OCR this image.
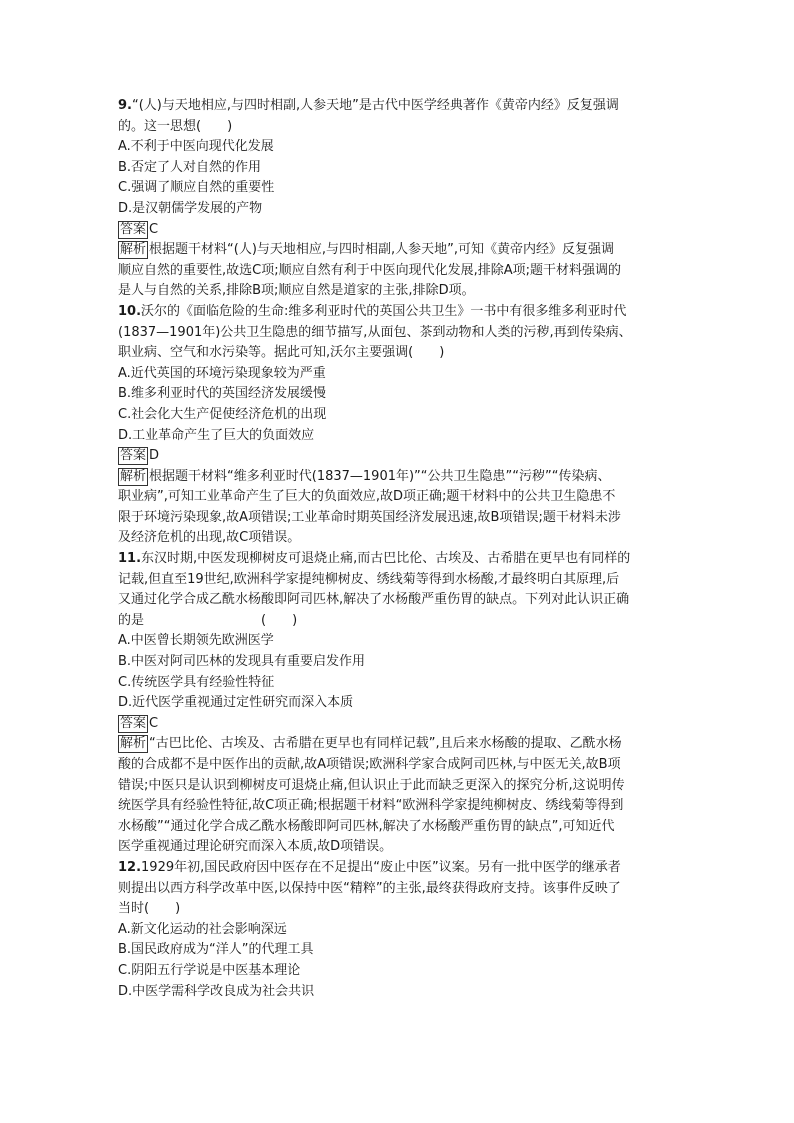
9.“(人)与天地相应,与四时相副,人参天地”是古代中医学经典著作《黄帝内经》反复强调
的。这一思想(　　)
A.不利于中医向现代化发展
B.否定了人对自然的作用
C.强调了顺应自然的重要性
D.是汉朝儒学发展的产物
答案 C
解析 根据题干材料“(人)与天地相应,与四时相副,人参天地”,可知《黄帝内经》反复强调
顺应自然的重要性,故选C项;顺应自然有利于中医向现代化发展,排除A项;题干材料强调的
是人与自然的关系,排除B项;顺应自然是道家的主张,排除D项。
10.沃尔的《面临危险的生命:维多利亚时代的英国公共卫生》一书中有很多维多利亚时代
(1837—1901年)公共卫生隐患的细节描写,从面包、茶到动物和人类的污秽,再到传染病、
职业病、空气和水污染等。据此可知,沃尔主要强调(　　)
A.近代英国的环境污染现象较为严重
B.维多利亚时代的英国经济发展缓慢
C.社会化大生产促使经济危机的出现
D.工业革命产生了巨大的负面效应
答案 D
解析 根据题干材料“维多利亚时代(1837—1901年)”“公共卫生隐患”“污秽”“传染病、
职业病”,可知工业革命产生了巨大的负面效应,故D项正确;题干材料中的公共卫生隐患不
限于环境污染现象,故A项错误;工业革命时期英国经济发展迅速,故B项错误;题干材料未涉
及经济危机的出现,故C项错误。
11.东汉时期,中医发现柳树皮可退烧止痛,而古巴比伦、古埃及、古希腊在更早也有同样的
记载,但直至19世纪,欧洲科学家提纯柳树皮、绣线菊等得到水杨酸,才最终明白其原理,后
又通过化学合成乙酰水杨酸即阿司匹林,解决了水杨酸严重伤胃的缺点。下列对此认识正确
的是　　　　　　　　　(　　)
A.中医曾长期领先欧洲医学
B.中医对阿司匹林的发现具有重要启发作用
C.传统医学具有经验性特征
D.近代医学重视通过定性研究而深入本质
答案 C
解析 “古巴比伦、古埃及、古希腊在更早也有同样记载”,且后来水杨酸的提取、乙酰水杨
酸的合成都不是中医作出的贡献,故A项错误;欧洲科学家合成阿司匹林,与中医无关,故B项
错误;中医只是认识到柳树皮可退烧止痛,但认识止于此而缺乏更深入的探究分析,这说明传
统医学具有经验性特征,故C项正确;根据题干材料“欧洲科学家提纯柳树皮、绣线菊等得到
水杨酸”“通过化学合成乙酰水杨酸即阿司匹林,解决了水杨酸严重伤胃的缺点”,可知近代
医学重视通过理论研究而深入本质,故D项错误。
12.1929年初,国民政府因中医存在不足提出“废止中医”议案。另有一批中医学的继承者
则提出以西方科学改革中医,以保持中医“精粹”的主张,最终获得政府支持。该事件反映了
当时(　　)
A.新文化运动的社会影响深远
B.国民政府成为“洋人”的代理工具
C.阴阳五行学说是中医基本理论
D.中医学需科学改良成为社会共识
